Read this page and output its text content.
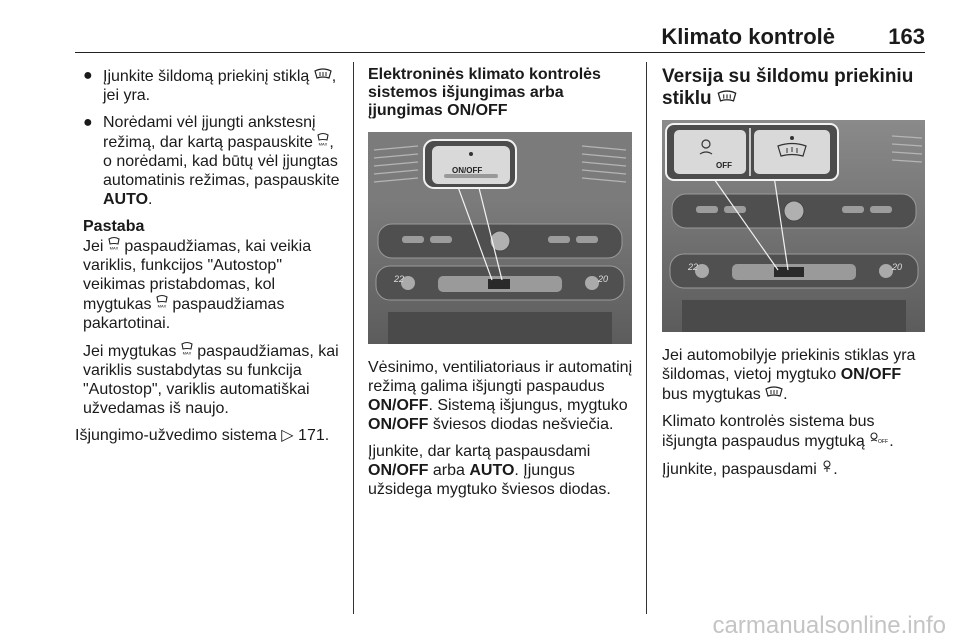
Klimato kontrolė 163
● Įjunkite šildomą priekinį stiklą , jei yra.
● Norėdami vėl įjungti ankstesnį režimą, dar kartą paspauskite MAX , o norėdami, kad būtų vėl įjungtas automatinis režimas, paspauskite AUTO.
Pastaba

Jei MAX paspaudžiamas, kai veikia variklis, funkcijos "Autostop" veikimas pristabdomas, kol mygtukas MAX paspaudžiamas pakartotinai.

Jei mygtukas MAX paspaudžiamas, kai variklis sustabdytas su funkcija "Autostop", variklis automatiškai užvedamas iš naujo.

Išjungimo-užvedimo sistema ▷ 171.

Elektroninės klimato kontrolės sistemos išjungimas arba įjungimas ON/OFF
ON/OFF
22	20

Vėsinimo, ventiliatoriaus ir automatinį režimą galima išjungti paspaudus ON/OFF. Sistemą išjungus, mygtuko ON/OFF šviesos diodas nešviečia.

Įjunkite, dar kartą paspausdami ON/OFF arba AUTO. Įjungus užsidega mygtuko šviesos diodas.

Versija su šildomu priekiniu stiklu
OFF
22	20

Jei automobilyje priekinis stiklas yra šildomas, vietoj mygtuko ON/OFF bus mygtukas .

Klimato kontrolės sistema bus išjungta paspaudus mygtuką OFF .

Įjunkite, paspausdami .

carmanualsonline.info
